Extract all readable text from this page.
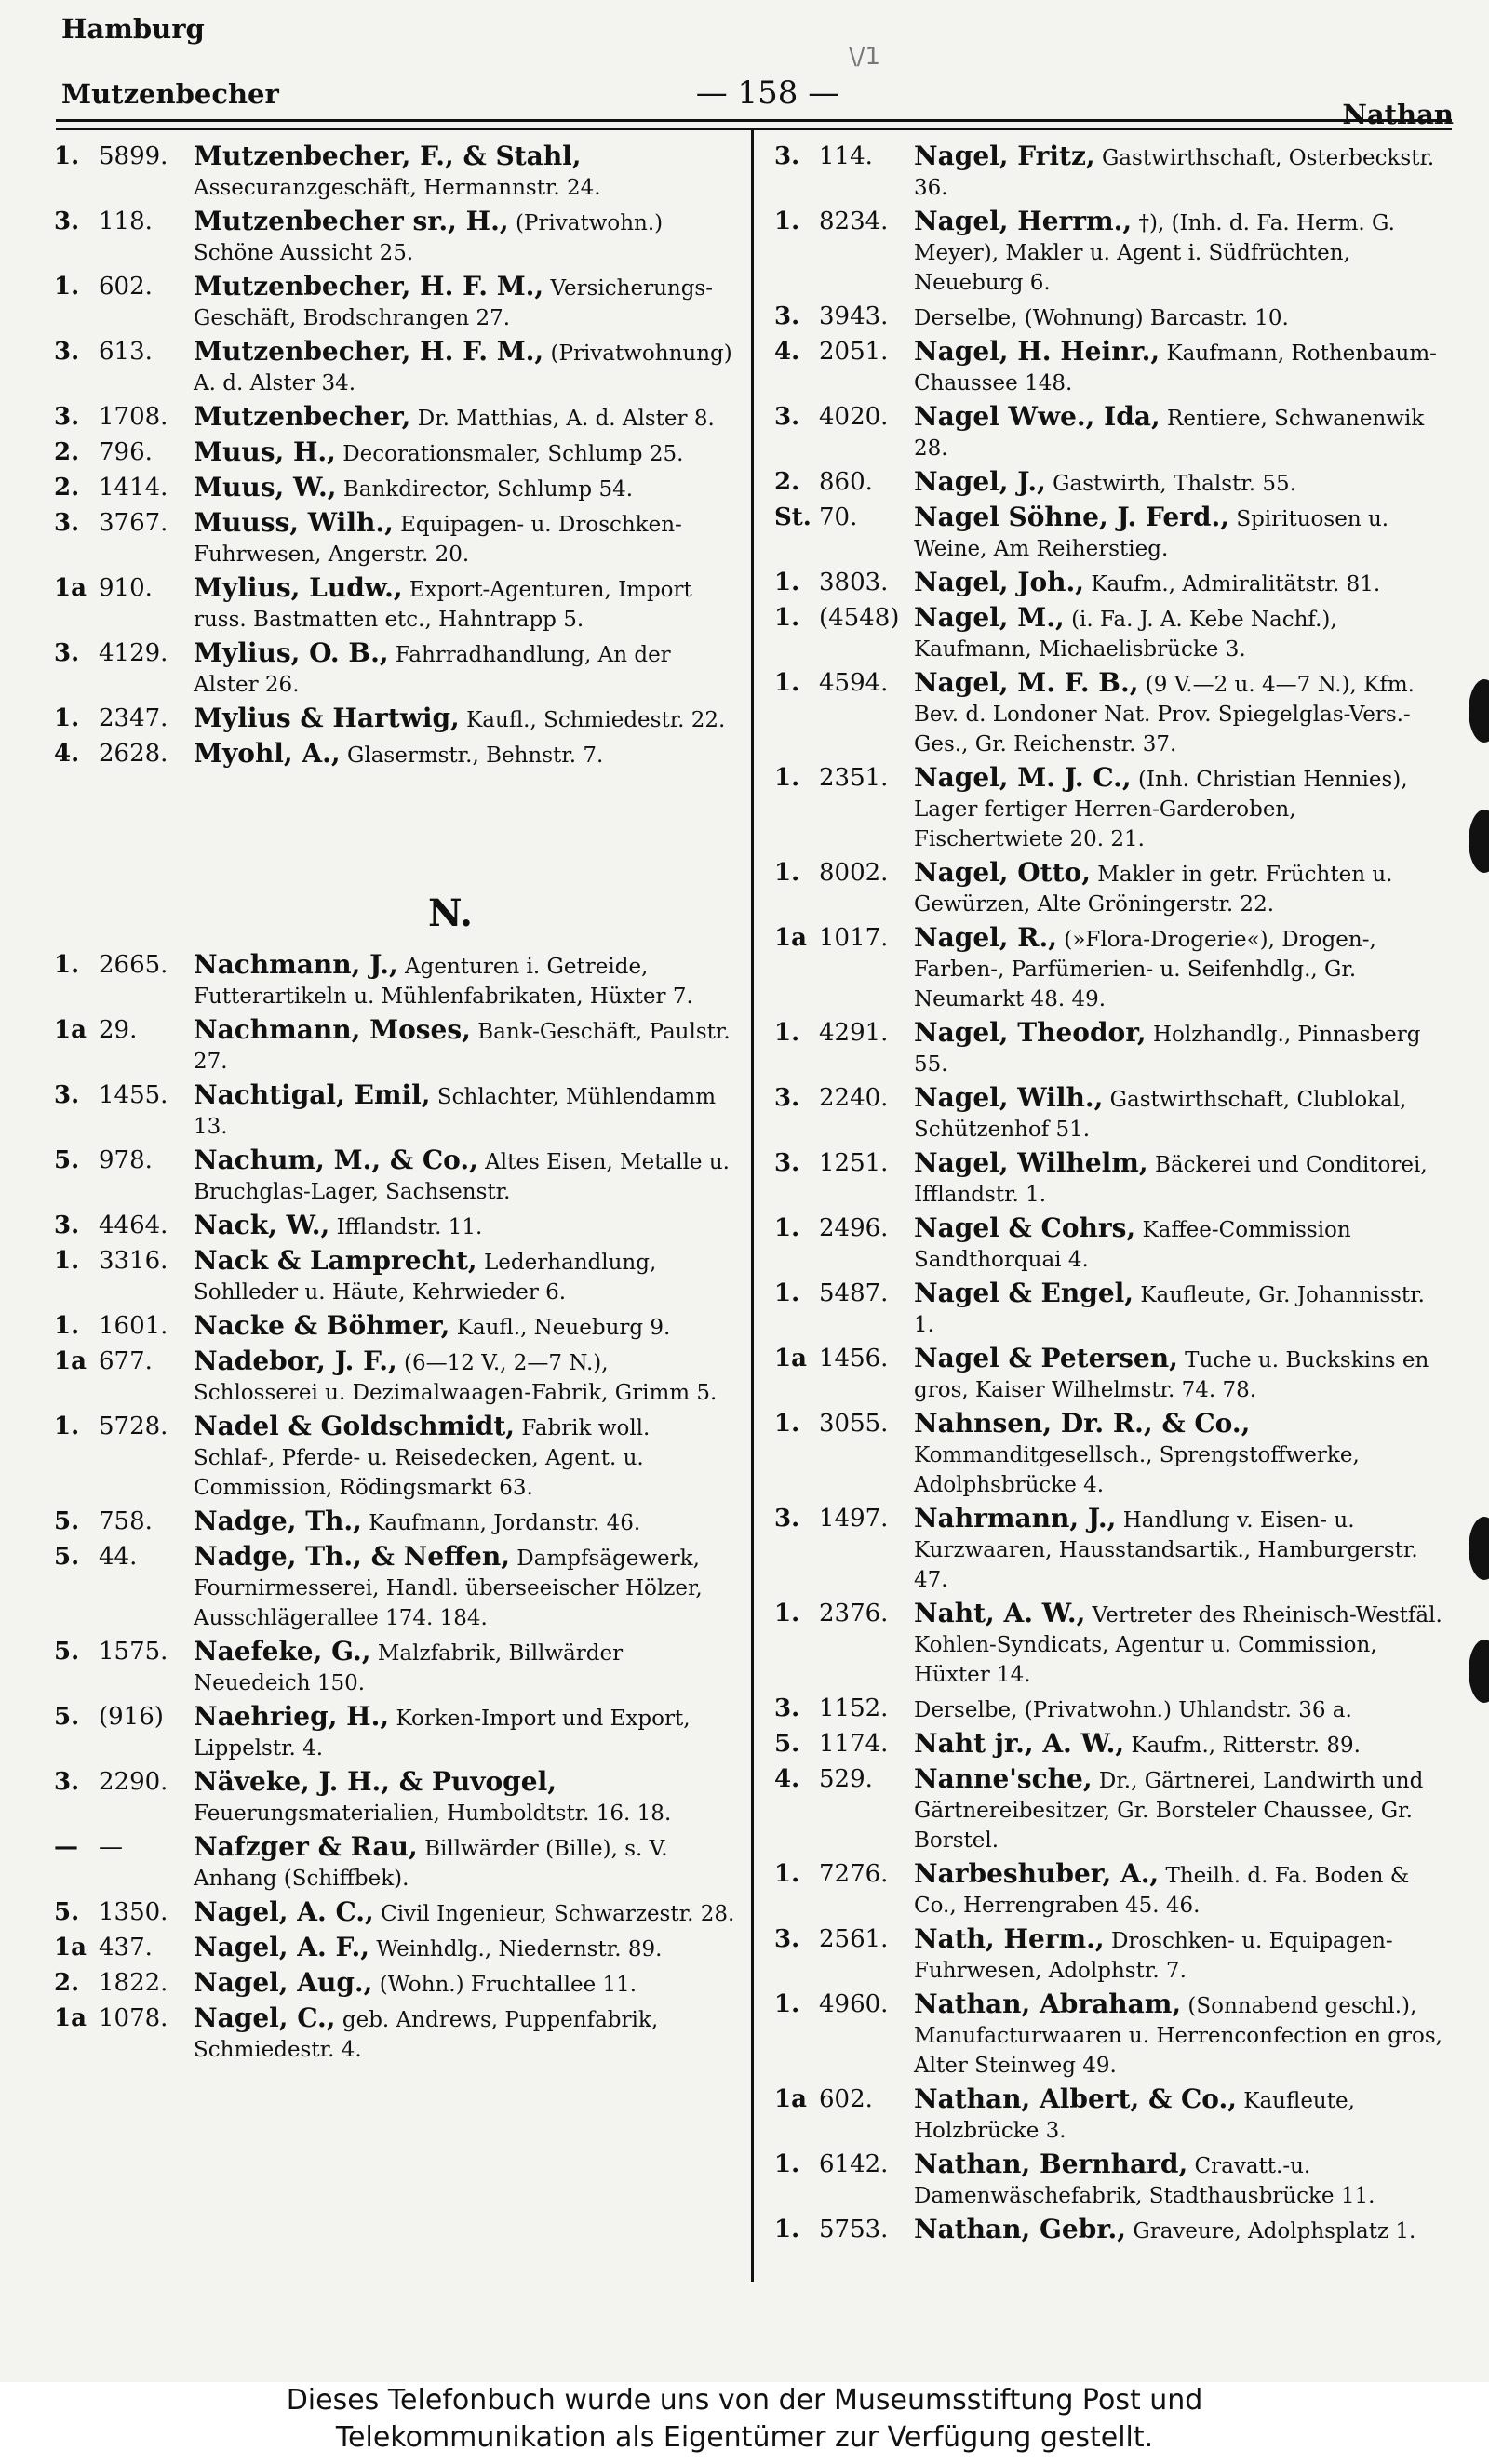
Hamburg
\/1
Mutzenbecher	— 158 —
Nathan
1. 5899. Mutzenbecher, F., & Stahl, Assecuranzgeschäft, Hermannstr. 24.
3. 118.	Mutzenbecher sr., H., (Privatwohn.) Schöne Aussicht 25.
1. 602.	Mutzenbecher, H. F. M., Versicherungs-Geschäft, Brodschrangen 27.
3. 613.	Mutzenbecher, H. F. M., (Privatwohnung) A. d. Alster 34.
3. 1708. Mutzenbecher, Dr. Matthias, A. d. Alster 8.
2. 796.	Muus, H., Decorationsmaler, Schlump 25.
2. 1414. Muus, W., Bankdirector, Schlump 54.
3. 3767. Muuss, Wilh., Equipagen- u. Droschken-Fuhrwesen, Angerstr. 20.
1a 910.	Mylius, Ludw., Export-Agenturen, Import russ. Bastmatten etc., Hahntrapp 5.
3. 4129. Mylius, O. B., Fahrradhandlung, An der Alster 26.
1. 2347. Mylius & Hartwig, Kaufl., Schmiedestr. 22.
4. 2628. Myohl, A., Glasermstr., Behnstr. 7.
N.
1. 2665. Nachmann, J., Agenturen i. Getreide, Futterartikeln u. Mühlenfabrikaten, Hüxter 7.
1a 29.	Nachmann, Moses, Bank-Geschäft, Paulstr. 27.
3. 1455. Nachtigal, Emil, Schlachter, Mühlendamm 13.
5. 978.	Nachum, M., & Co., Altes Eisen, Metalle u. Bruchglas-Lager, Sachsenstr.
3. 4464. Nack, W., Ifflandstr. 11.
1. 3316. Nack & Lamprecht, Lederhandlung, Sohlleder u. Häute, Kehrwieder 6.
1. 1601. Nacke & Böhmer, Kaufl., Neueburg 9.
1a 677.	Nadebor, J. F., (6—12 V., 2—7 N.), Schlosserei u. Dezimalwaagen-Fabrik, Grimm 5.
1. 5728. Nadel & Goldschmidt, Fabrik woll. Schlaf-, Pferde- u. Reisedecken, Agent. u. Commission, Rödingsmarkt 63.
5. 758.	Nadge, Th., Kaufmann, Jordanstr. 46.
5. 44.	Nadge, Th., & Neffen, Dampfsägewerk, Fournirmesserei, Handl. überseeischer Hölzer, Ausschlägerallee 174. 184.
5. 1575. Naefeke, G., Malzfabrik, Billwärder Neuedeich 150.
5. (916)	Naehrieg, H., Korken-Import und Export, Lippelstr. 4.
3. 2290. Näveke, J. H., & Puvogel, Feuerungsmaterialien, Humboldtstr. 16. 18.
— —	Nafzger & Rau, Billwärder (Bille), s. V. Anhang (Schiffbek).
5. 1350. Nagel, A. C., Civil Ingenieur, Schwarzestr. 28.
1a 437.	Nagel, A. F., Weinhdlg., Niedernstr. 89.
2. 1822. Nagel, Aug., (Wohn.) Fruchtallee 11.
1a 1078. Nagel, C., geb. Andrews, Puppenfabrik, Schmiedestr. 4.
3. 114.	Nagel, Fritz, Gastwirthschaft, Osterbeckstr. 36.
1. 8234. Nagel, Herrm., †), (Inh. d. Fa. Herm. G. Meyer), Makler u. Agent i. Südfrüchten, Neueburg 6.
3. 3943.	Derselbe, (Wohnung) Barcastr. 10.
4. 2051. Nagel, H. Heinr., Kaufmann, Rothenbaum-Chaussee 148.
3. 4020. Nagel Wwe., Ida, Rentiere, Schwanenwik 28.
2. 860.	Nagel, J., Gastwirth, Thalstr. 55.
St. 70.	Nagel Söhne, J. Ferd., Spirituosen u. Weine, Am Reiherstieg.
1. 3803. Nagel, Joh., Kaufm., Admiralitätstr. 81.
1. (4548) Nagel, M., (i. Fa. J. A. Kebe Nachf.), Kaufmann, Michaelisbrücke 3.
1. 4594. Nagel, M. F. B., (9 V.—2 u. 4—7 N.), Kfm. Bev. d. Londoner Nat. Prov. Spiegelglas-Vers.-Ges., Gr. Reichenstr. 37.
1. 2351. Nagel, M. J. C., (Inh. Christian Hennies), Lager fertiger Herren-Garderoben, Fischertwiete 20. 21.
1. 8002. Nagel, Otto, Makler in getr. Früchten u. Gewürzen, Alte Gröningerstr. 22.
1a 1017. Nagel, R., (»Flora-Drogerie«), Drogen-, Farben-, Parfümerien- u. Seifenhdlg., Gr. Neumarkt 48. 49.
1. 4291. Nagel, Theodor, Holzhandlg., Pinnasberg 55.
3. 2240. Nagel, Wilh., Gastwirthschaft, Clublokal, Schützenhof 51.
3. 1251. Nagel, Wilhelm, Bäckerei und Conditorei, Ifflandstr. 1.
1. 2496. Nagel & Cohrs, Kaffee-Commission Sandthorquai 4.
1. 5487. Nagel & Engel, Kaufleute, Gr. Johannisstr. 1.
1a 1456. Nagel & Petersen, Tuche u. Buckskins en gros, Kaiser Wilhelmstr. 74. 78.
1. 3055. Nahnsen, Dr. R., & Co., Kommanditgesellsch., Sprengstoffwerke, Adolphsbrücke 4.
3. 1497. Nahrmann, J., Handlung v. Eisen- u. Kurzwaaren, Hausstandsartik., Hamburgerstr. 47.
1. 2376. Naht, A. W., Vertreter des Rheinisch-Westfäl. Kohlen-Syndicats, Agentur u. Commission, Hüxter 14.
3. 1152.	Derselbe, (Privatwohn.) Uhlandstr. 36 a.
5. 1174. Naht jr., A. W., Kaufm., Ritterstr. 89.
4. 529.	Nanne'sche, Dr., Gärtnerei, Landwirth und Gärtnereibesitzer, Gr. Borsteler Chaussee, Gr. Borstel.
1. 7276. Narbeshuber, A., Theilh. d. Fa. Boden & Co., Herrengraben 45. 46.
3. 2561. Nath, Herm., Droschken- u. Equipagen-Fuhrwesen, Adolphstr. 7.
1. 4960. Nathan, Abraham, (Sonnabend geschl.), Manufacturwaaren u. Herrenconfection en gros, Alter Steinweg 49.
1a 602.	Nathan, Albert, & Co., Kaufleute, Holzbrücke 3.
1. 6142. Nathan, Bernhard, Cravatt.-u. Damenwäschefabrik, Stadthausbrücke 11.
1. 5753. Nathan, Gebr., Graveure, Adolphsplatz 1.
Dieses Telefonbuch wurde uns von der Museumsstiftung Post und
Telekommunikation als Eigentümer zur Verfügung gestellt.
